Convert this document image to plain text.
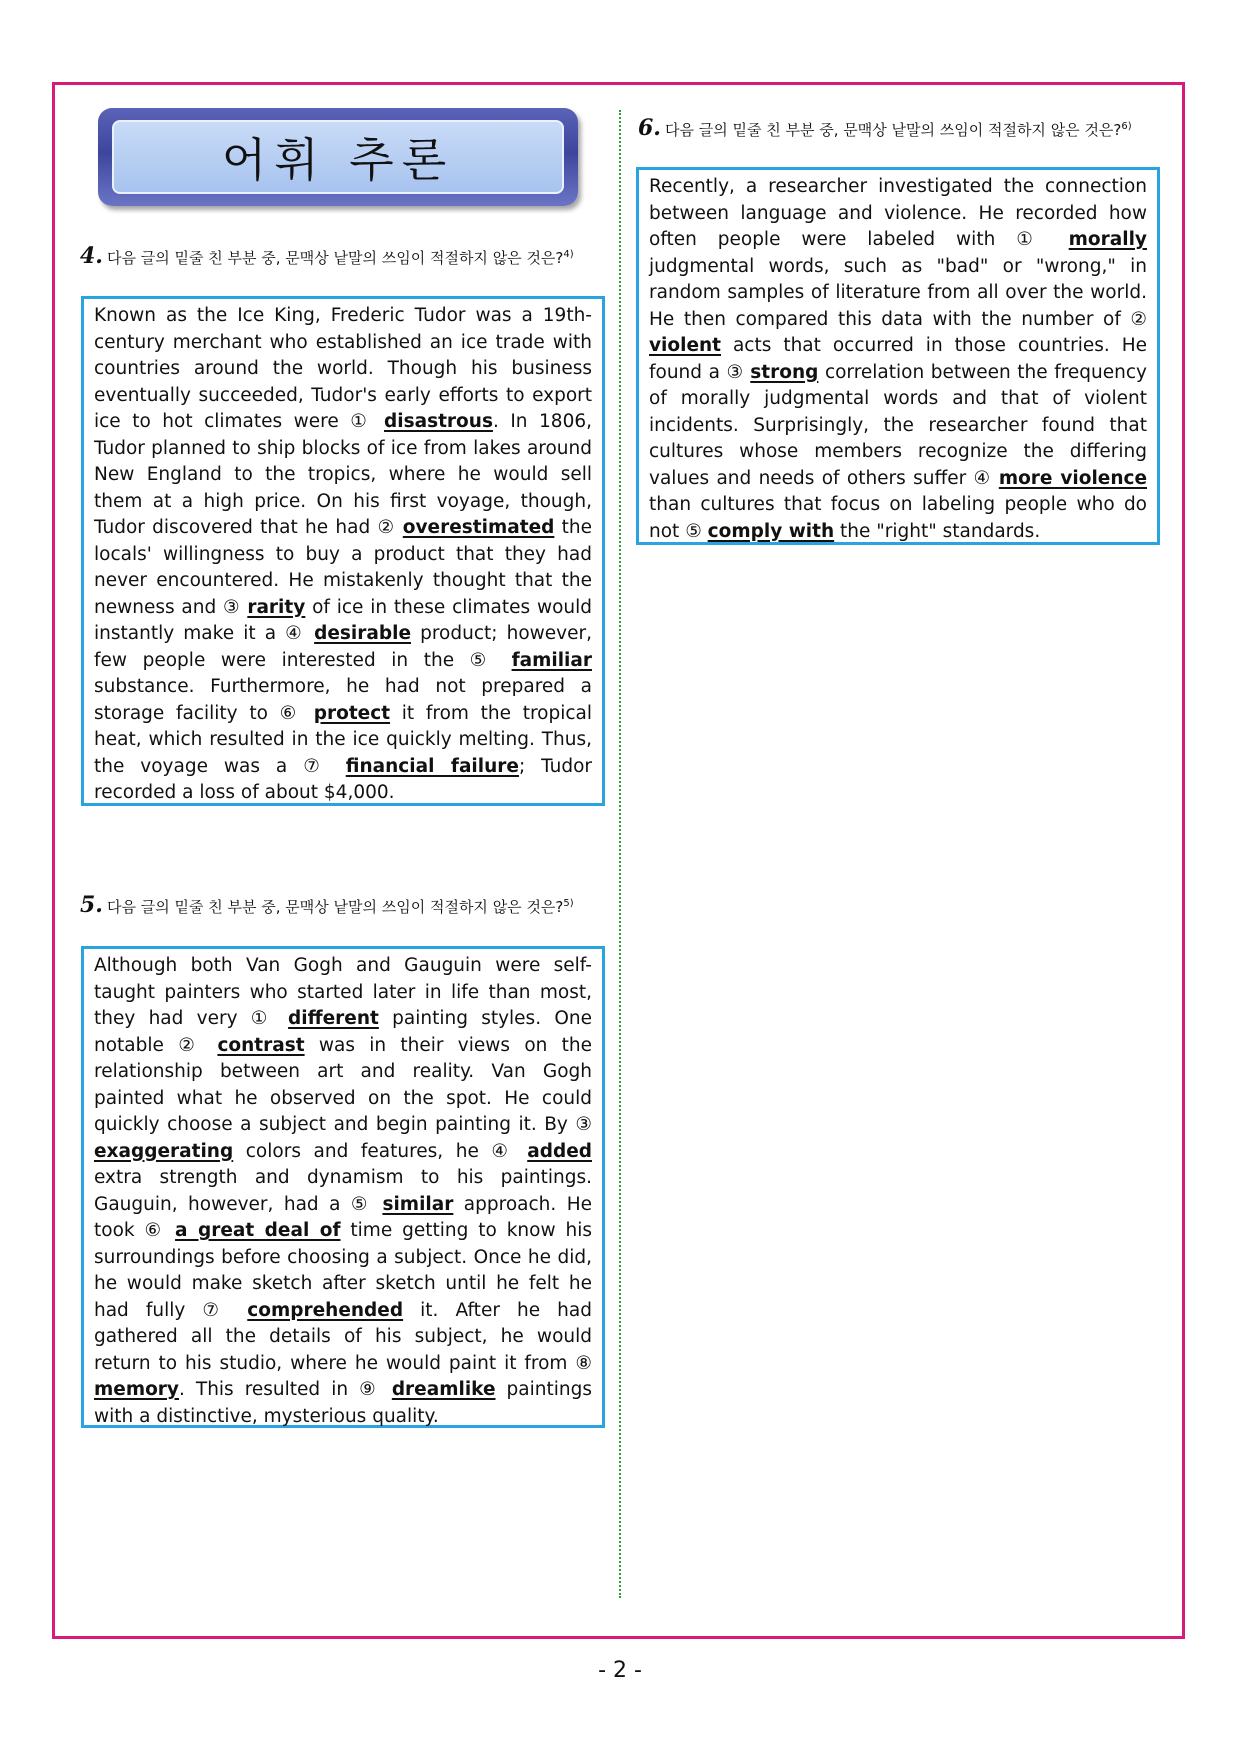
어휘 추론
4. 다음 글의 밑줄 친 부분 중, 문맥상 낱말의 쓰임이 적절하지 않은 것은?$^{4)}$
Known as the Ice King, Frederic Tudor was a 19th-century merchant who established an ice trade with countries around the world. Though his business eventually succeeded, Tudor's early efforts to export ice to hot climates were ① disastrous. In 1806, Tudor planned to ship blocks of ice from lakes around New England to the tropics, where he would sell them at a high price. On his first voyage, though, Tudor discovered that he had ② overestimated the locals' willingness to buy a product that they had never encountered. He mistakenly thought that the newness and ③ rarity of ice in these climates would instantly make it a ④ desirable product; however, few people were interested in the ⑤ familiar substance. Furthermore, he had not prepared a storage facility to ⑥ protect it from the tropical heat, which resulted in the ice quickly melting. Thus, the voyage was a ⑦ financial failure; Tudor recorded a loss of about $4,000.
5. 다음 글의 밑줄 친 부분 중, 문맥상 낱말의 쓰임이 적절하지 않은 것은?$^{5)}$
Although both Van Gogh and Gauguin were self-taught painters who started later in life than most, they had very ① different painting styles. One notable ② contrast was in their views on the relationship between art and reality. Van Gogh painted what he observed on the spot. He could quickly choose a subject and begin painting it. By ③ exaggerating colors and features, he ④ added extra strength and dynamism to his paintings. Gauguin, however, had a ⑤ similar approach. He took ⑥ a great deal of time getting to know his surroundings before choosing a subject. Once he did, he would make sketch after sketch until he felt he had fully ⑦ comprehended it. After he had gathered all the details of his subject, he would return to his studio, where he would paint it from ⑧ memory. This resulted in ⑨ dreamlike paintings with a distinctive, mysterious quality.
6. 다음 글의 밑줄 친 부분 중, 문맥상 낱말의 쓰임이 적절하지 않은 것은?$^{6)}$
Recently, a researcher investigated the connection between language and violence. He recorded how often people were labeled with ① morally judgmental words, such as "bad" or "wrong," in random samples of literature from all over the world. He then compared this data with the number of ② violent acts that occurred in those countries. He found a ③ strong correlation between the frequency of morally judgmental words and that of violent incidents. Surprisingly, the researcher found that cultures whose members recognize the differing values and needs of others suffer ④ more violence than cultures that focus on labeling people who do not ⑤ comply with the "right" standards.
- 2 -
